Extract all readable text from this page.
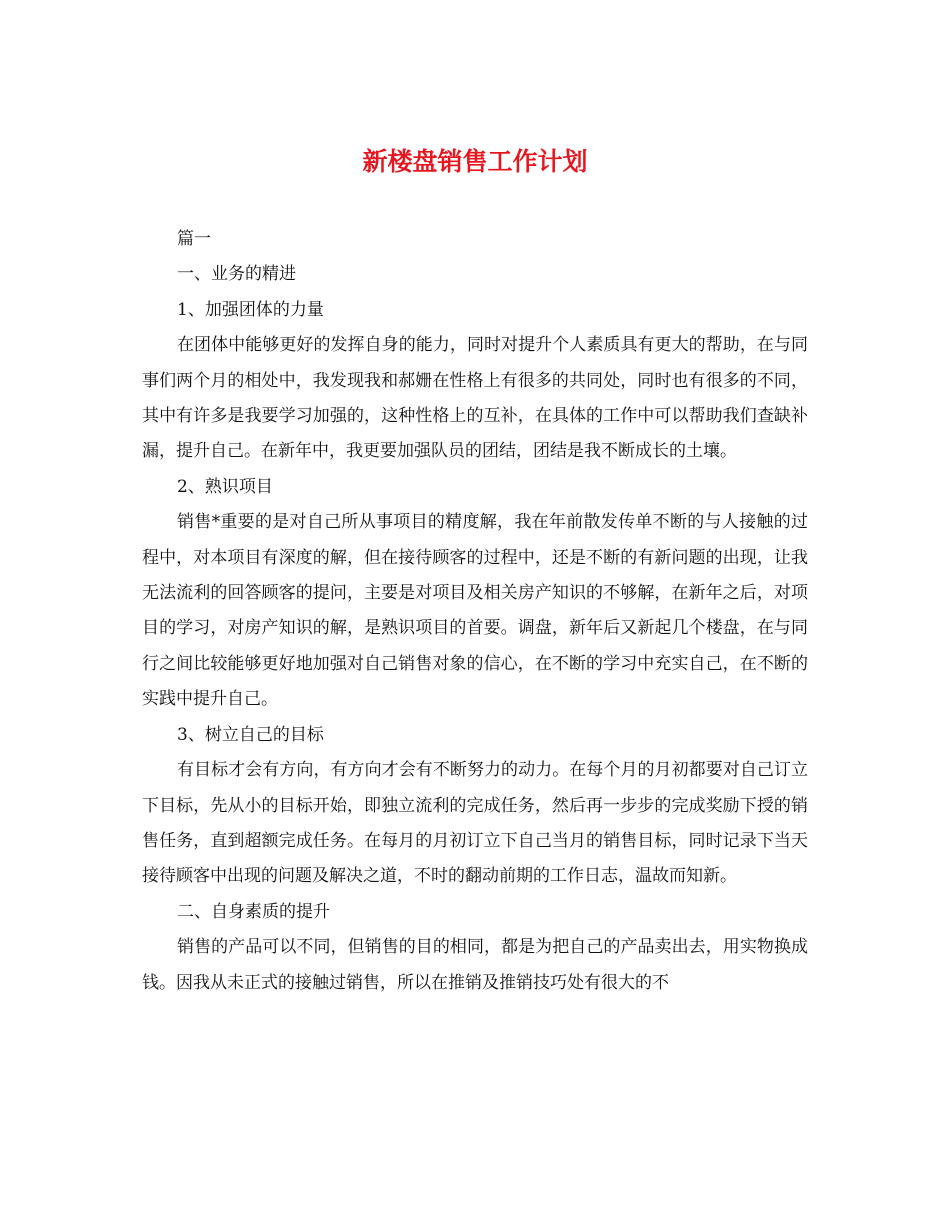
新楼盘销售工作计划

篇一

一、业务的精进

1、加强团体的力量

在团体中能够更好的发挥自身的能力，同时对提升个人素质具有更大的帮助，在与同事们两个月的相处中，我发现我和郝姗在性格上有很多的共同处，同时也有很多的不同，其中有许多是我要学习加强的，这种性格上的互补，在具体的工作中可以帮助我们查缺补漏，提升自己。在新年中，我更要加强队员的团结，团结是我不断成长的土壤。

2、熟识项目

销售*重要的是对自己所从事项目的精度解，我在年前散发传单不断的与人接触的过程中，对本项目有深度的解，但在接待顾客的过程中，还是不断的有新问题的出现，让我无法流利的回答顾客的提问，主要是对项目及相关房产知识的不够解，在新年之后，对项目的学习，对房产知识的解，是熟识项目的首要。调盘，新年后又新起几个楼盘，在与同行之间比较能够更好地加强对自己销售对象的信心，在不断的学习中充实自己，在不断的实践中提升自己。

3、树立自己的目标

有目标才会有方向，有方向才会有不断努力的动力。在每个月的月初都要对自己订立下目标，先从小的目标开始，即独立流利的完成任务，然后再一步步的完成奖励下授的销售任务，直到超额完成任务。在每月的月初订立下自己当月的销售目标，同时记录下当天接待顾客中出现的问题及解决之道，不时的翻动前期的工作日志，温故而知新。

二、自身素质的提升

销售的产品可以不同，但销售的目的相同，都是为把自己的产品卖出去，用实物换成钱。因我从未正式的接触过销售，所以在推销及推销技巧处有很大的不
